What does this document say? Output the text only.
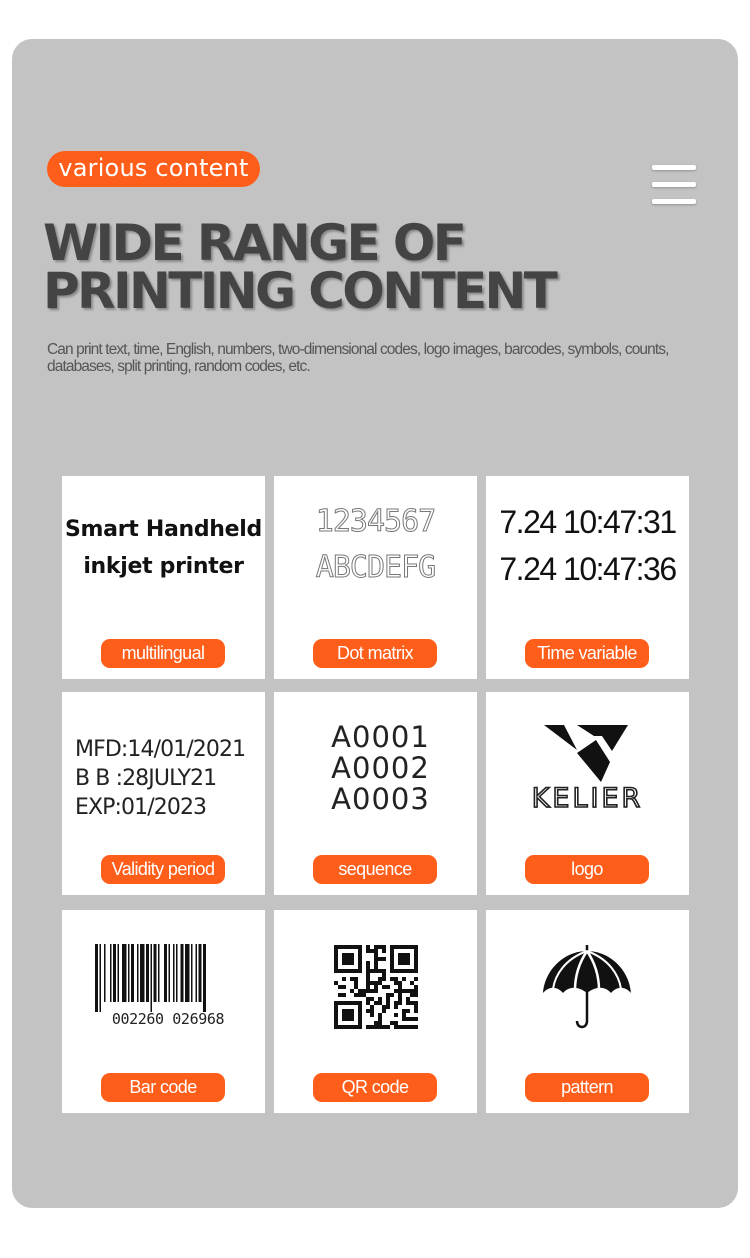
various content
WIDE RANGE OF
PRINTING CONTENT

Can print text, time, English, numbers, two-dimensional codes, logo images, barcodes, symbols, counts, databases, split printing, random codes, etc.

Smart Handheld
inkjet printer
multilingual
1234567
ABCDEFG
Dot matrix
7.24 10:47:31
7.24 10:47:36
Time variable
MFD:14/01/2021
B B :28JULY21
EXP:01/2023
Validity period
A0001
A0002
A0003
sequence
KELIER
logo
002260 026968
Bar code	QR code	pattern
